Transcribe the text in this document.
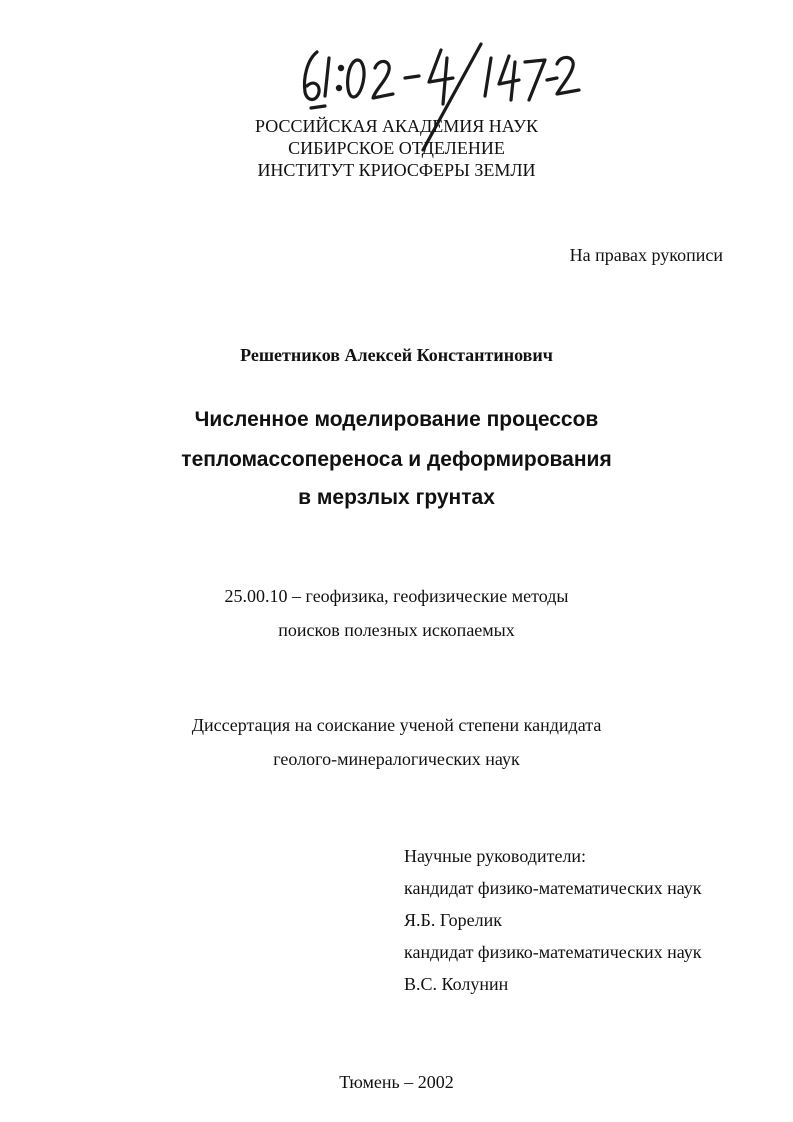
РОССИЙСКАЯ АКАДЕМИЯ НАУК
СИБИРСКОЕ ОТДЕЛЕНИЕ
ИНСТИТУТ КРИОСФЕРЫ ЗЕМЛИ
На правах рукописи
Решетников Алексей Константинович
Численное моделирование процессов
тепломассопереноса и деформирования
в мерзлых грунтах
25.00.10 – геофизика, геофизические методы
поисков полезных ископаемых
Диссертация на соискание ученой степени кандидата
геолого-минералогических наук
Научные руководители:
кандидат физико-математических наук
Я.Б. Горелик
кандидат физико-математических наук
В.С. Колунин
Тюмень – 2002
